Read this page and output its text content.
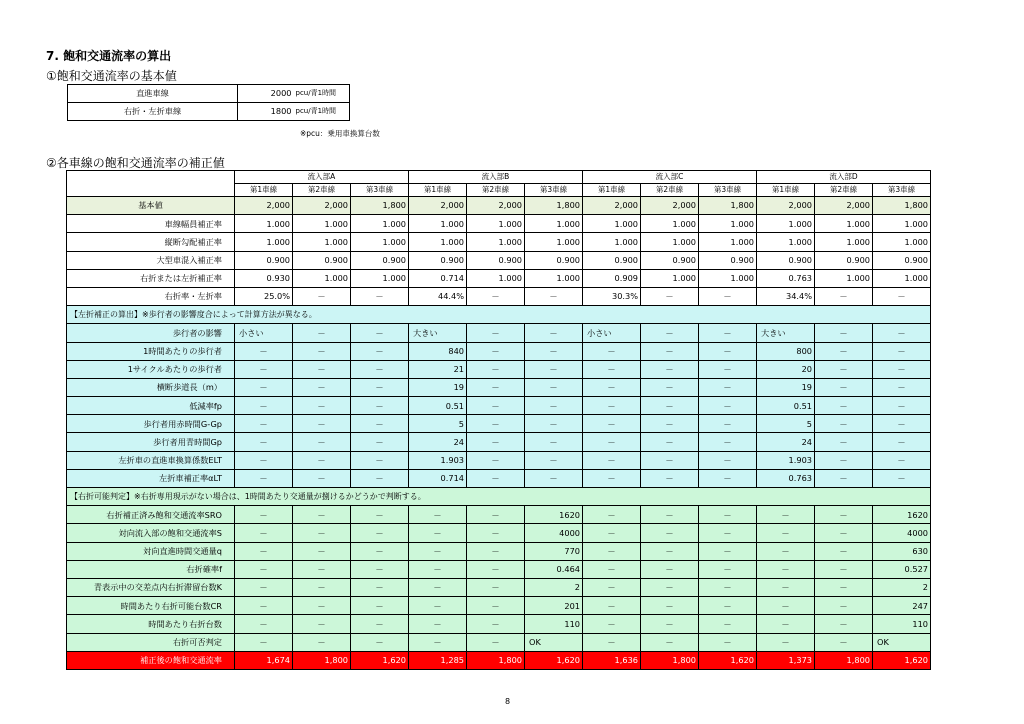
7. 飽和交通流率の算出
①飽和交通流率の基本値
直進車線	2000	pcu/青1時間
右折・左折車線	1800	pcu/青1時間
※pcu：乗用車換算台数
②各車線の飽和交通流率の補正値
	流入部A			流入部B			流入部C			流入部D		
	第1車線	第2車線	第3車線	第1車線	第2車線	第3車線	第1車線	第2車線	第3車線	第1車線	第2車線	第3車線
基本値	2,000	2,000	1,800	2,000	2,000	1,800	2,000	2,000	1,800	2,000	2,000	1,800
車線幅員補正率	1.000	1.000	1.000	1.000	1.000	1.000	1.000	1.000	1.000	1.000	1.000	1.000
縦断勾配補正率	1.000	1.000	1.000	1.000	1.000	1.000	1.000	1.000	1.000	1.000	1.000	1.000
大型車混入補正率	0.900	0.900	0.900	0.900	0.900	0.900	0.900	0.900	0.900	0.900	0.900	0.900
右折または左折補正率	0.930	1.000	1.000	0.714	1.000	1.000	0.909	1.000	1.000	0.763	1.000	1.000
右折率・左折率	25.0%	－	－	44.4%	－	－	30.3%	－	－	34.4%	－	－
【左折補正の算出】※歩行者の影響度合によって計算方法が異なる。												
歩行者の影響	小さい	－	－	大きい	－	－	小さい	－	－	大きい	－	－
1時間あたりの歩行者	－	－	－	840	－	－	－	－	－	800	－	－
1サイクルあたりの歩行者	－	－	－	21	－	－	－	－	－	20	－	－
横断歩道長（m）	－	－	－	19	－	－	－	－	－	19	－	－
低減率fp	－	－	－	0.51	－	－	－	－	－	0.51	－	－
歩行者用赤時間G-Gp	－	－	－	5	－	－	－	－	－	5	－	－
歩行者用青時間Gp	－	－	－	24	－	－	－	－	－	24	－	－
左折車の直進車換算係数ELT	－	－	－	1.903	－	－	－	－	－	1.903	－	－
左折車補正率αLT	－	－	－	0.714	－	－	－	－	－	0.763	－	－
【右折可能判定】※右折専用現示がない場合は、1時間あたり交通量が捌けるかどうかで判断する。												
右折補正済み飽和交通流率SRO	－	－	－	－	－	1620	－	－	－	－	－	1620
対向流入部の飽和交通流率S	－	－	－	－	－	4000	－	－	－	－	－	4000
対向直進時間交通量q	－	－	－	－	－	770	－	－	－	－	－	630
右折確率f	－	－	－	－	－	0.464	－	－	－	－	－	0.527
青表示中の交差点内右折滞留台数K	－	－	－	－	－	2	－	－	－	－	－	2
時間あたり右折可能台数CR	－	－	－	－	－	201	－	－	－	－	－	247
時間あたり右折台数	－	－	－	－	－	110	－	－	－	－	－	110
右折可否判定	－	－	－	－	－	OK	－	－	－	－	－	OK
補正後の飽和交通流率	1,674	1,800	1,620	1,285	1,800	1,620	1,636	1,800	1,620	1,373	1,800	1,620
8
